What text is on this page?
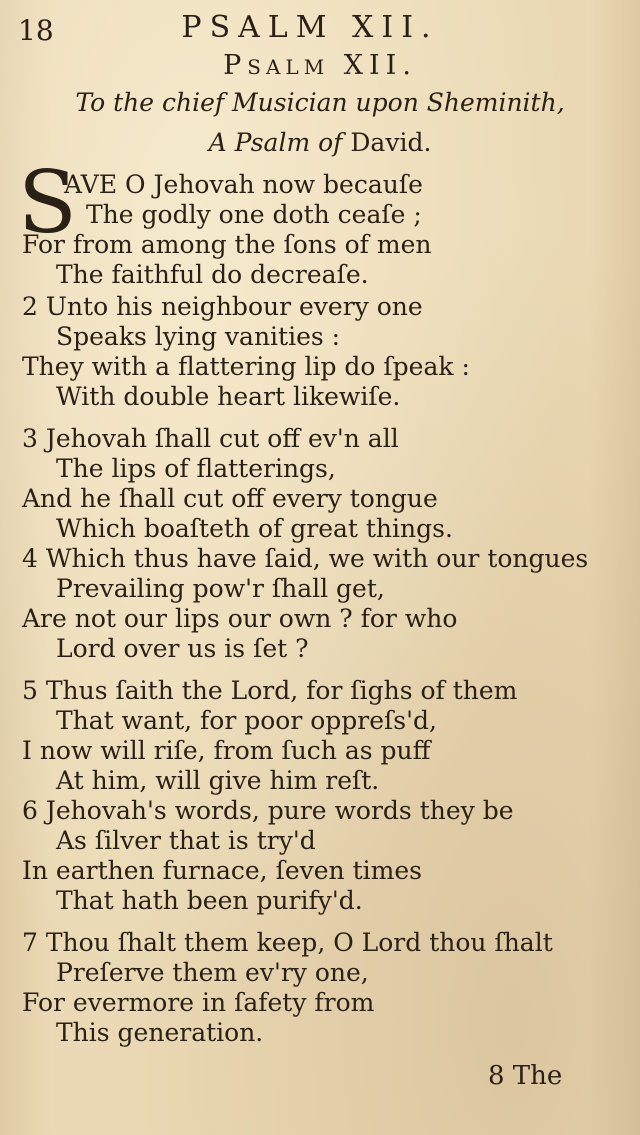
18	PSALM XII.
PSALM XII.
To the chief Musician upon Sheminith,
A Psalm of David.
S
AVE O Jehovah now becauſe
The godly one doth ceaſe ;
For from among the ſons of men
The faithful do decreaſe.
2 Unto his neighbour every one
Speaks lying vanities :
They with a flattering lip do ſpeak :
With double heart likewiſe.
3 Jehovah ſhall cut off ev'n all
The lips of flatterings,
And he ſhall cut off every tongue
Which boaſteth of great things.
4 Which thus have ſaid, we with our tongues
Prevailing pow'r ſhall get,
Are not our lips our own ? for who
Lord over us is ſet ?
5 Thus ſaith the Lord, for ſighs of them
That want, for poor oppreſs'd,
I now will riſe, from ſuch as puff
At him, will give him reſt.
6 Jehovah's words, pure words they be
As ſilver that is try'd
In earthen furnace, ſeven times
That hath been purify'd.
7 Thou ſhalt them keep, O Lord thou ſhalt
Preſerve them ev'ry one,
For evermore in ſafety from
This generation.
8 The
